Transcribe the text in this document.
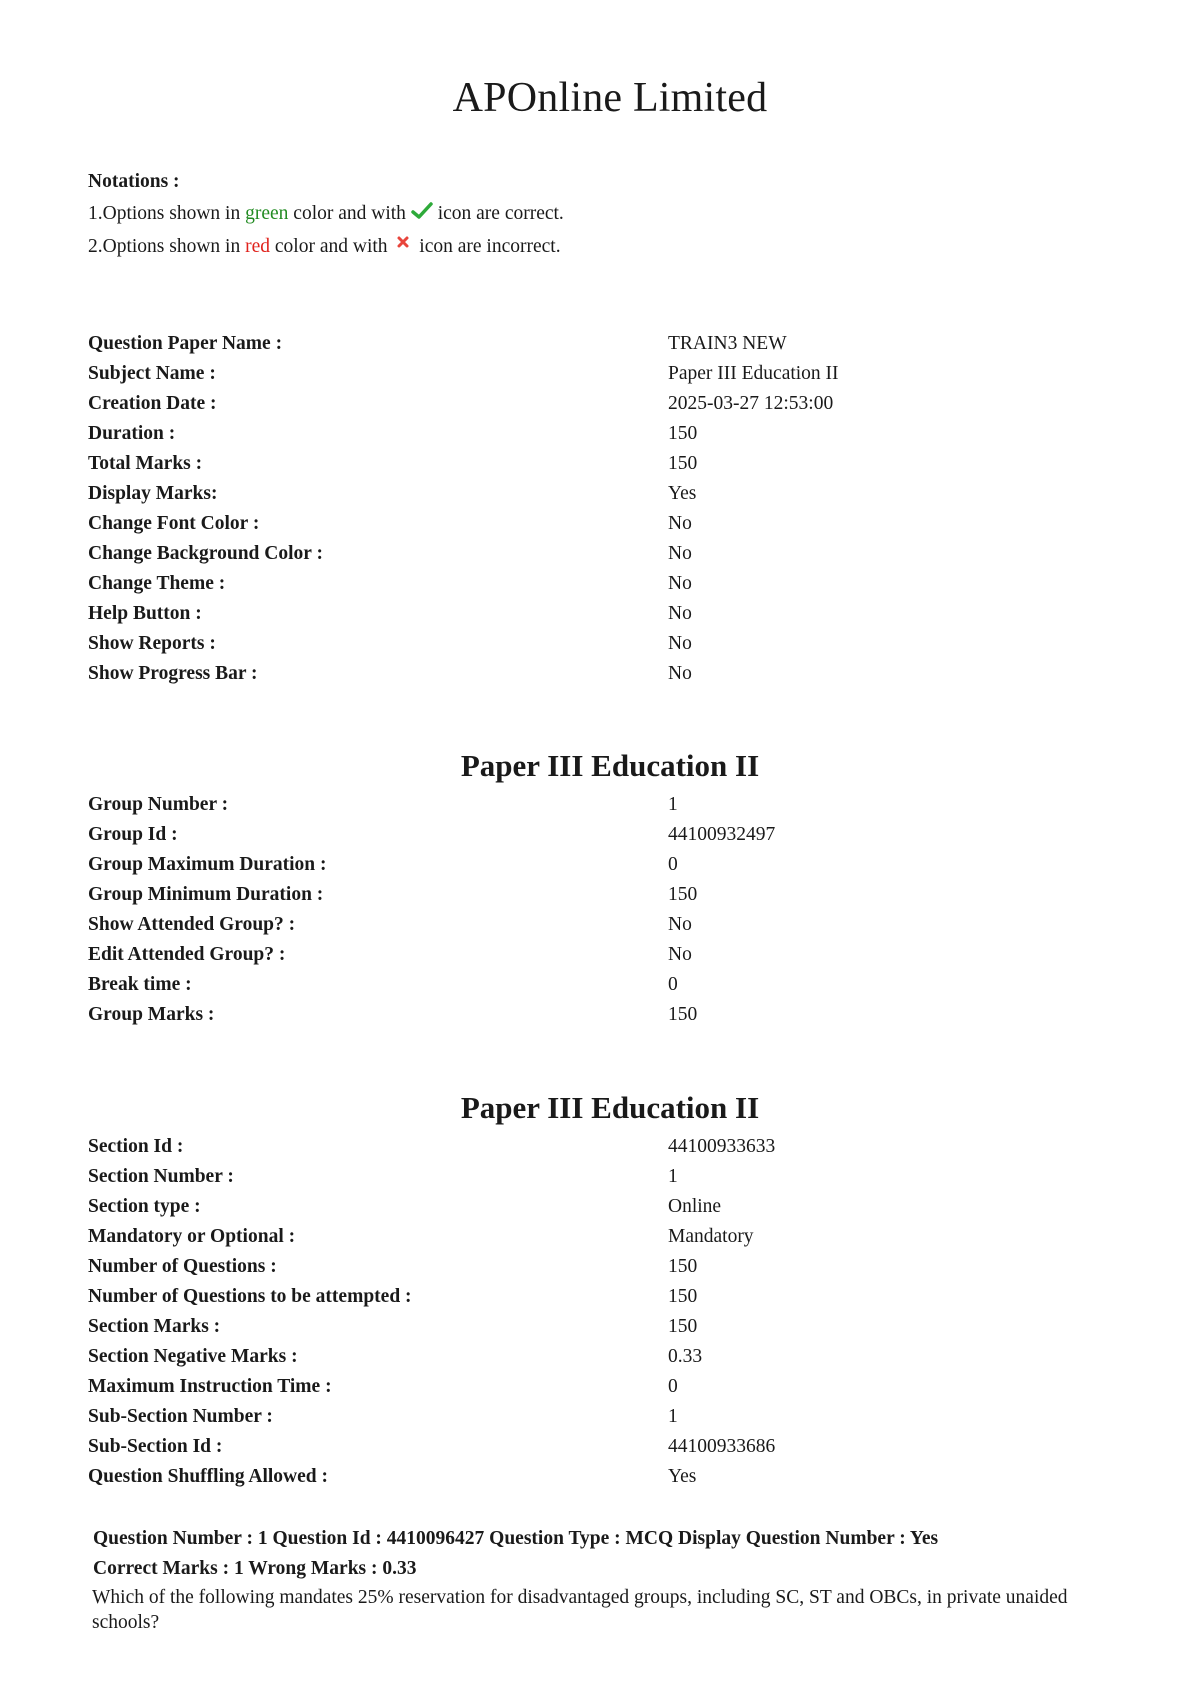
APOnline Limited
Notations :
1.Options shown in green color and with  icon are correct.
2.Options shown in red color and with  icon are incorrect.
Question Paper Name :	TRAIN3 NEW
Subject Name :	Paper III Education II
Creation Date :	2025-03-27 12:53:00
Duration :	150
Total Marks :	150
Display Marks:	Yes
Change Font Color :	No
Change Background Color :	No
Change Theme :	No
Help Button :	No
Show Reports :	No
Show Progress Bar :	No
Paper III Education II
Group Number :	1
Group Id :	44100932497
Group Maximum Duration :	0
Group Minimum Duration :	150
Show Attended Group? :	No
Edit Attended Group? :	No
Break time :	0
Group Marks :	150
Paper III Education II
Section Id :	44100933633
Section Number :	1
Section type :	Online
Mandatory or Optional :	Mandatory
Number of Questions :	150
Number of Questions to be attempted :	150
Section Marks :	150
Section Negative Marks :	0.33
Maximum Instruction Time :	0
Sub-Section Number :	1
Sub-Section Id :	44100933686
Question Shuffling Allowed :	Yes
Question Number : 1 Question Id : 4410096427 Question Type : MCQ Display Question Number : Yes
Correct Marks : 1 Wrong Marks : 0.33
Which of the following mandates 25% reservation for disadvantaged groups, including SC, ST and OBCs, in private unaided schools?
